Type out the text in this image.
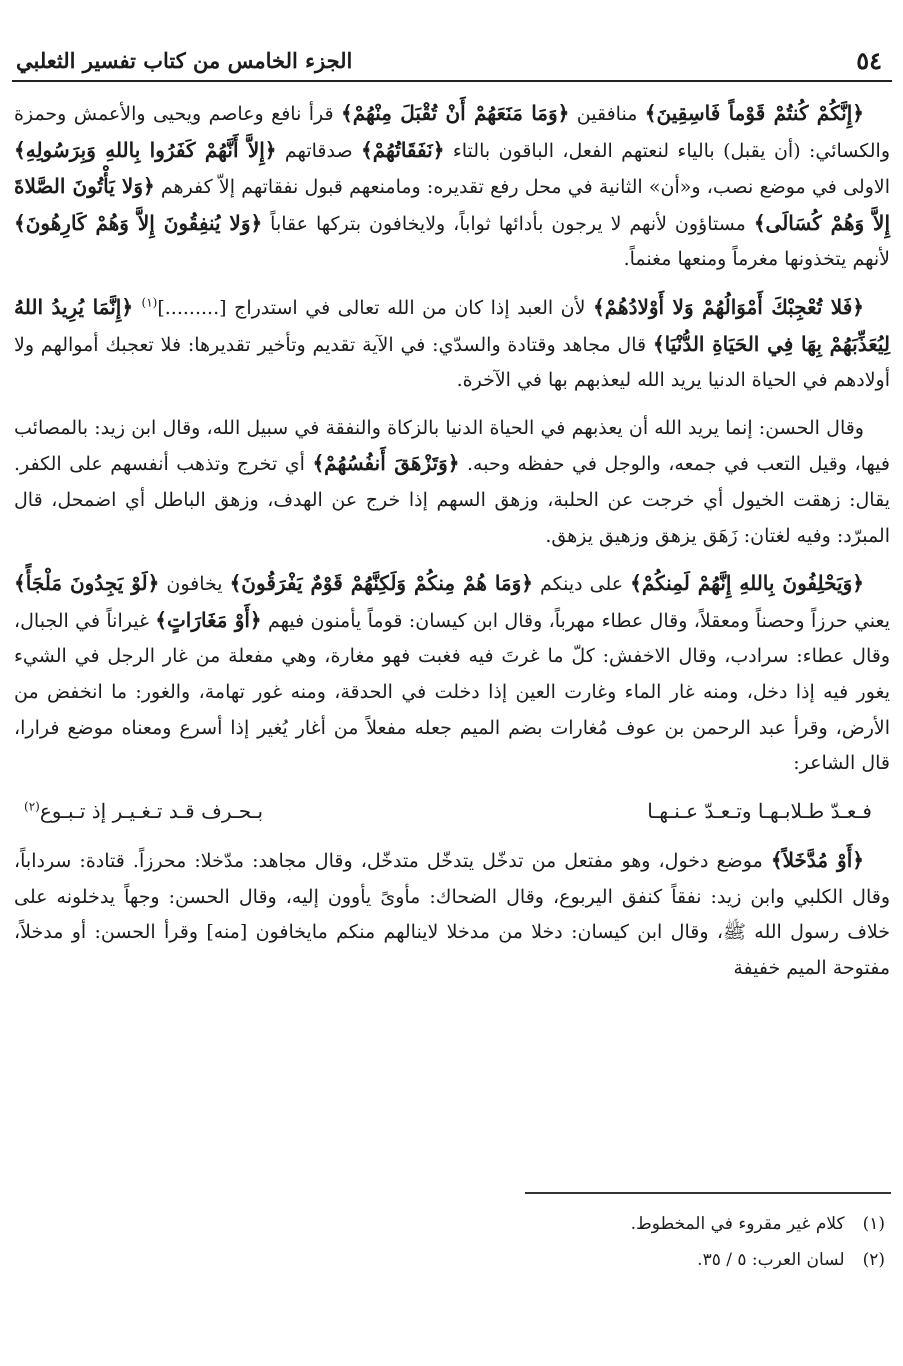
٥٤
الجزء الخامس من كتاب تفسير الثعلبي

﴿إِنَّكُمْ كُنتُمْ قَوْماً فَاسِقِينَ﴾ منافقين ﴿وَمَا مَنَعَهُمْ أَنْ تُقْبَلَ مِنْهُمْ﴾ قرأ نافع وعاصم ويحيى والأعمش وحمزة والكسائي: (أن يقبل) بالياء لنعتهم الفعل، الباقون بالتاء ﴿نَفَقَاتُهُمْ﴾ صدقاتهم ﴿إِلاَّ أَنَّهُمْ كَفَرُوا بِاللهِ وَبِرَسُولِهِ﴾ الاولى في موضع نصب، و«أن» الثانية في محل رفع تقديره: ومامنعهم قبول نفقاتهم إلاّ كفرهم ﴿وَلا يَأْتُونَ الصَّلاةَ إِلاَّ وَهُمْ كُسَالَى﴾ مستاؤون لأنهم لا يرجون بأدائها ثواباً، ولايخافون بتركها عقاباً ﴿وَلا يُنفِقُونَ إِلاَّ وَهُمْ كَارِهُونَ﴾ لأنهم يتخذونها مغرماً ومنعها مغنماً.

﴿فَلا تُعْجِبْكَ أَمْوَالُهُمْ وَلا أَوْلادُهُمْ﴾ لأن العبد إذا كان من الله تعالى في استدراج [.........]$^{(١)}$ ﴿إِنَّمَا يُرِيدُ اللهُ لِيُعَذِّبَهُمْ بِهَا فِي الحَيَاةِ الدُّنْيَا﴾ قال مجاهد وقتادة والسدّي: في الآية تقديم وتأخير تقديرها: فلا تعجبك أموالهم ولا أولادهم في الحياة الدنيا يريد الله ليعذبهم بها في الآخرة.

وقال الحسن: إنما يريد الله أن يعذبهم في الحياة الدنيا بالزكاة والنفقة في سبيل الله، وقال ابن زيد: بالمصائب فيها، وقيل التعب في جمعه، والوجل في حفظه وحبه. ﴿وَتَزْهَقَ أَنفُسُهُمْ﴾ أي تخرج وتذهب أنفسهم على الكفر. يقال: زهقت الخيول أي خرجت عن الحلبة، وزهق السهم إذا خرج عن الهدف، وزهق الباطل أي اضمحل، قال المبرّد: وفيه لغتان: زَهَق يزهق وزهيق يزهق.

﴿وَيَحْلِفُونَ بِاللهِ إِنَّهُمْ لَمِنكُمْ﴾ على دينكم ﴿وَمَا هُمْ مِنكُمْ وَلَكِنَّهُمْ قَوْمٌ يَفْرَقُونَ﴾ يخافون ﴿لَوْ يَجِدُونَ مَلْجَأً﴾ يعني حرزاً وحصناً ومعقلاً، وقال عطاء مهرباً، وقال ابن كيسان: قوماً يأمنون فيهم ﴿أَوْ مَغَارَاتٍ﴾ غيراناً في الجبال، وقال عطاء: سرادب، وقال الاخفش: كلّ ما غرتَ فيه فغبت فهو مغارة، وهي مفعلة من غار الرجل في الشيء يغور فيه إذا دخل، ومنه غار الماء وغارت العين إذا دخلت في الحدقة، ومنه غور تهامة، والغور: ما انخفض من الأرض، وقرأ عبد الرحمن بن عوف مُغارات بضم الميم جعله مفعلاً من أغار يُغير إذا أسرع ومعناه موضع فرارا، قال الشاعر:

فـعـدّ طـلابـهـا وتـعـدّ عـنـهـا
بـحـرف قـد تـغـيـر إذ تـبـوع$^{(٢)}$

﴿أَوْ مُدَّخَلاً﴾ موضع دخول، وهو مفتعل من تدخّل يتدخّل متدخّل، وقال مجاهد: مدّخلا: محرزاً. قتادة: سرداباً، وقال الكلبي وابن زيد: نفقاً كنفق اليربوع، وقال الضحاك: مأوىً يأوون إليه، وقال الحسن: وجهاً يدخلونه على خلاف رسول الله ﷺ، وقال ابن كيسان: دخلا من مدخلا لاينالهم منكم مايخافون [منه] وقرأ الحسن: أو مدخلاً، مفتوحة الميم خفيفة

(١)
كلام غير مقروء في المخطوط.
(٢)
لسان العرب: ٥ / ٣٥.
